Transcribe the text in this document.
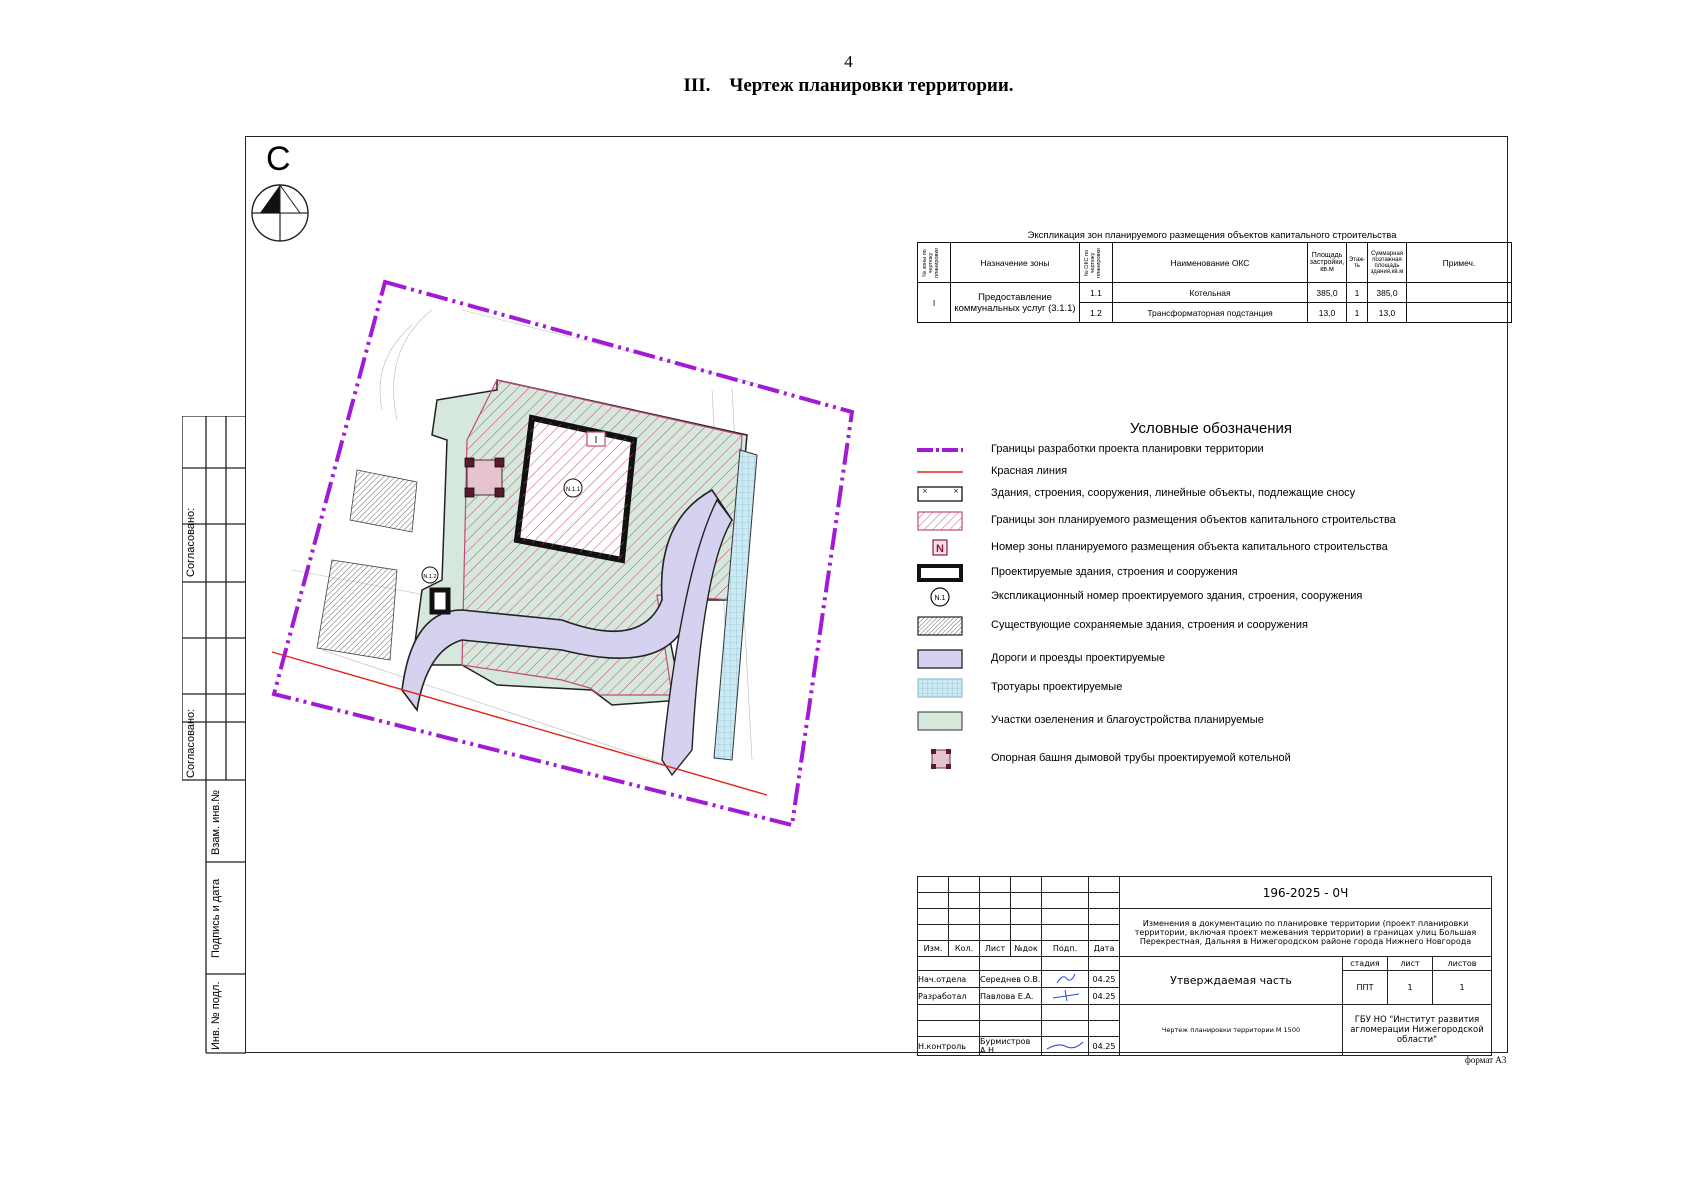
4
III.    Чертеж планировки территории.
С
Согласовано:
Согласовано:
Взам. инв.№
Подпись и дата
Инв. № подл.
I
N.1.1
N.1.2
Экспликация зон планируемого размещения объектов капитального строительства
№ зоны по чертежу планировки	Назначение зоны	№ ОКС по чертежу планировки	Наименование ОКС	Площадь застройки, кв.м	Этаж-ть	Суммарная поэтажная площадь здания,кв.м	Примеч.
I	Предоставление коммунальных услуг (3.1.1)	1.1	Котельная	385,0	1	385,0	
		1.2	Трансформаторная подстанция	13,0	1	13,0	
Условные обозначения
Границы разработки проекта планировки территории
Красная линия
×	×	Здания, строения, сооружения, линейные объекты, подлежащие сносу
Границы зон планируемого размещения объектов капитального строительства
N	Номер зоны планируемого размещения объекта капитального строительства
Проектируемые здания, строения и сооружения
N.1	Экспликационный номер проектируемого здания, строения, сооружения
Существующие сохраняемые здания, строения и сооружения
Дороги и проезды проектируемые
Тротуары проектируемые
Участки озеленения и благоустройства планируемые
Опорная башня дымовой трубы проектируемой котельной
						196-2025 - 0Ч			

						Изменения в документацию по планировке территории (проект планировки территории, включая проект межевания территории) в границах улиц Большая Перекрестная, Дальняя в Нижегородском районе города Нижнего Новгорода			

Изм.	Кол.	Лист	№док	Подп.	Дата				
						Утверждаемая часть	стадия	лист	листов
Нач.отдела		Середнев О.В.			04.25		ППТ	1	1
Разработал		Павлова Е.А.			04.25				
						Чертеж планировки территории М 1500	ГБУ НО "Институт развития агломерации Нижегородской области"		

Н.контроль		Бурмистров А.Н.			04.25				
формат А3
